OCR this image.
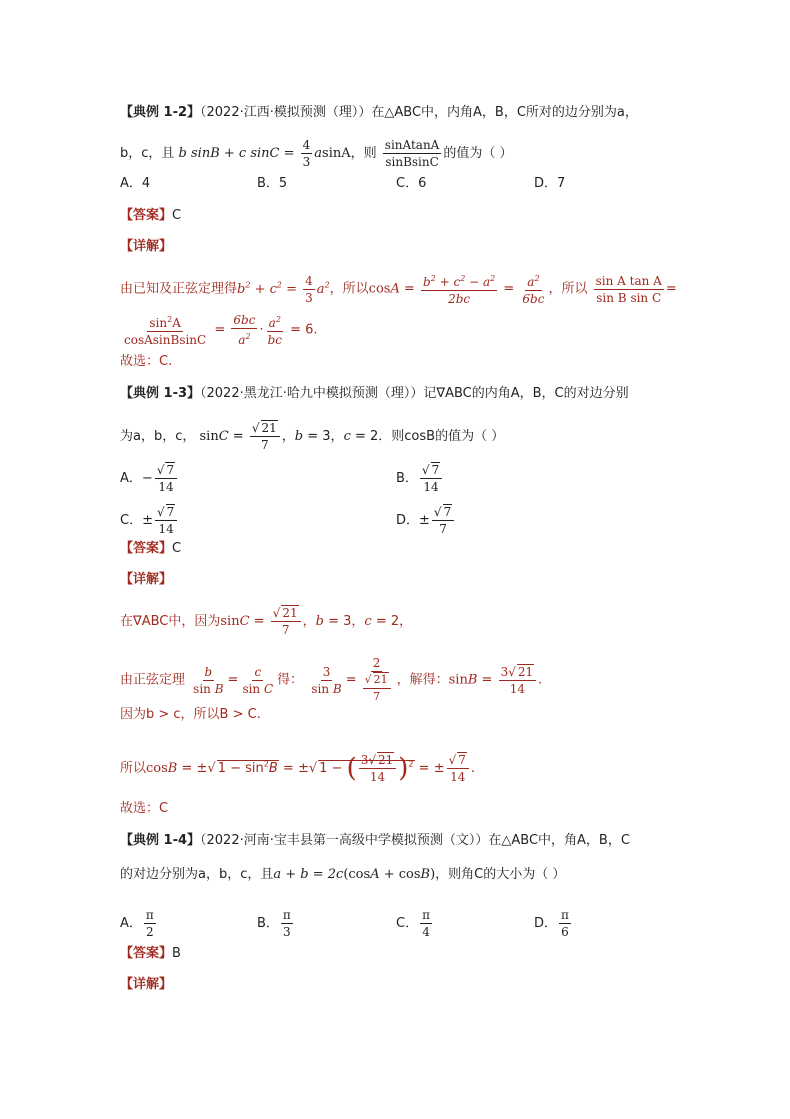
【典例 1-2】（2022·江西·模拟预测（理））在△ABC中，内角A，B，C所对的边分别为a，
b，c，且 b sinB + c $\sin C = \frac{4}{3}$ asinA，则 $\frac{\text{sinAtanA}}{\text{sinBsinC}}$ 的值为（ ）
A．4	B．5	C．6	D．7
【答案】C
【详解】
由已知及正弦定理得$b^2 + c^2 = \frac{4}{3} a^2$，所以$\cos A = \frac{b^2 + c^2 - a^2}{2bc} = \frac{a^2}{6bc}$ ，所以 $\frac{\text{sin A tan A}}{\text{sin B sin C}}$ =
$\frac{\sin^2A}{\text{cosAsinBsinC}} = \frac{6bc}{a^2} \cdot \frac{a^2}{bc} = 6$.
故选：C.
【典例 1-3】（2022·黑龙江·哈九中模拟预测（理））记∇ABC的内角A，B，C的对边分别
为a，b，c， $\sin C = \frac{√ 21}{7}$ ，b = 3，c = 2．则cosB的值为（ ）
A．− $\frac{√ 7}{14}$	B． $\frac{√ 7}{14}$
C．± $\frac{√ 7}{14}$	D．± $\frac{√ 7}{7}$
【答案】C
【详解】
在∇ABC中，因为$\sin C = \frac{√ 21}{7}$ ，b = 3，c = 2，
由正弦定理 $\frac{b}{\text{sin B}} = \frac{c}{\text{sin C}}$ 得： $\frac{3}{\text{sin B}} = \frac{2}{\frac{√ 21}{7}}$ ，解得：$\sin B = \frac{3√ 21}{14}$ .
因为b > c，所以B > C.
所以cosB = ±√ $1 - \sin^2B$ = ±√ 1 − ( $\frac{3√ 21}{14} )^2$ = ± $\frac{√ 7}{14}$ .
故选：C
【典例 1-4】（2022·河南·宝丰县第一高级中学模拟预测（文））在△ABC中，角A，B，C
的对边分别为a，b，c，且a + b = 2c(cosA + cosB)，则角C的大小为（ ）
A． $\frac{\pi}{2}$	B． $\frac{\pi}{3}$	C． $\frac{\pi}{4}$	D． $\frac{\pi}{6}$
【答案】B
【详解】
